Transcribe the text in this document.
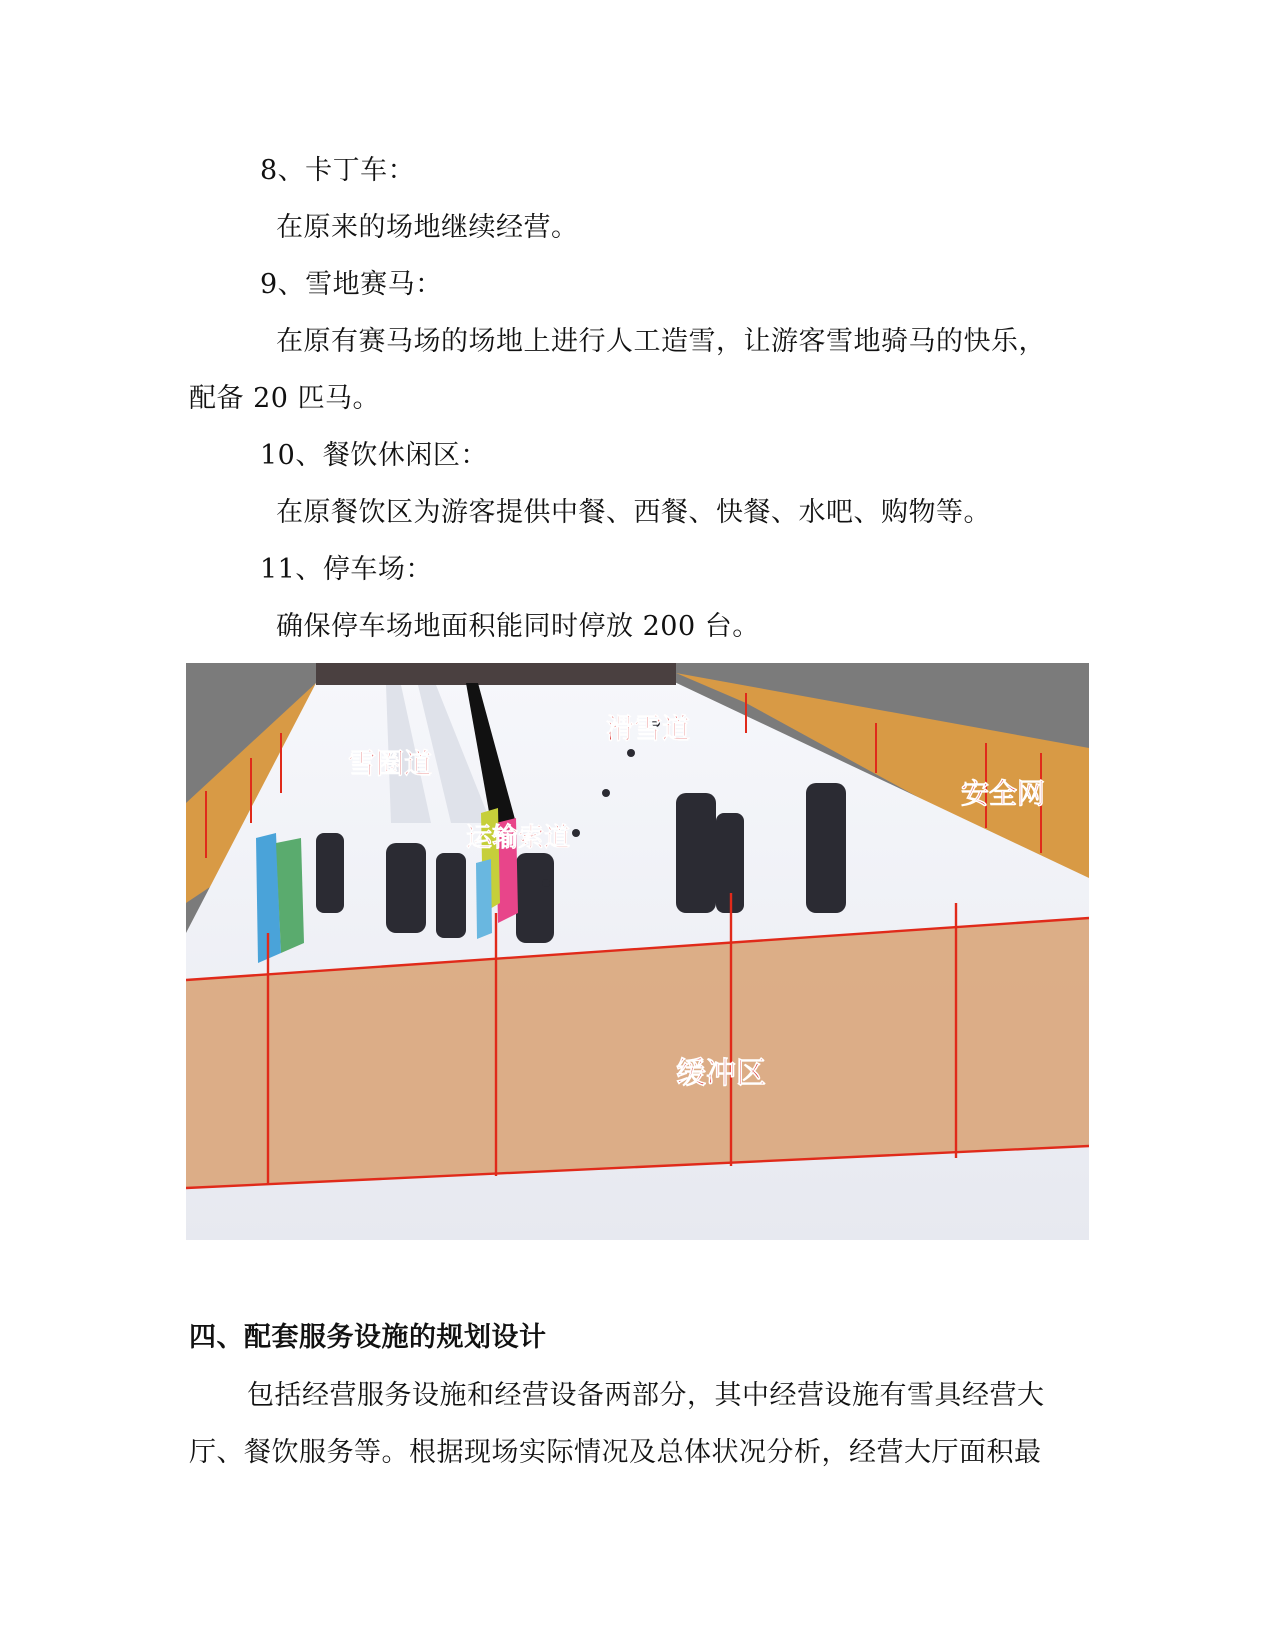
8、卡丁车：
在原来的场地继续经营。
9、雪地赛马：
在原有赛马场的场地上进行人工造雪，让游客雪地骑马的快乐，
配备 20 匹马。
10、餐饮休闲区：
在原餐饮区为游客提供中餐、西餐、快餐、水吧、购物等。
11、停车场：
确保停车场地面积能同时停放 200 台。
雪圈道
运输索道
滑雪道
安全网
缓冲区
四、配套服务设施的规划设计
包括经营服务设施和经营设备两部分，其中经营设施有雪具经营大
厅、餐饮服务等。根据现场实际情况及总体状况分析，经营大厅面积最
